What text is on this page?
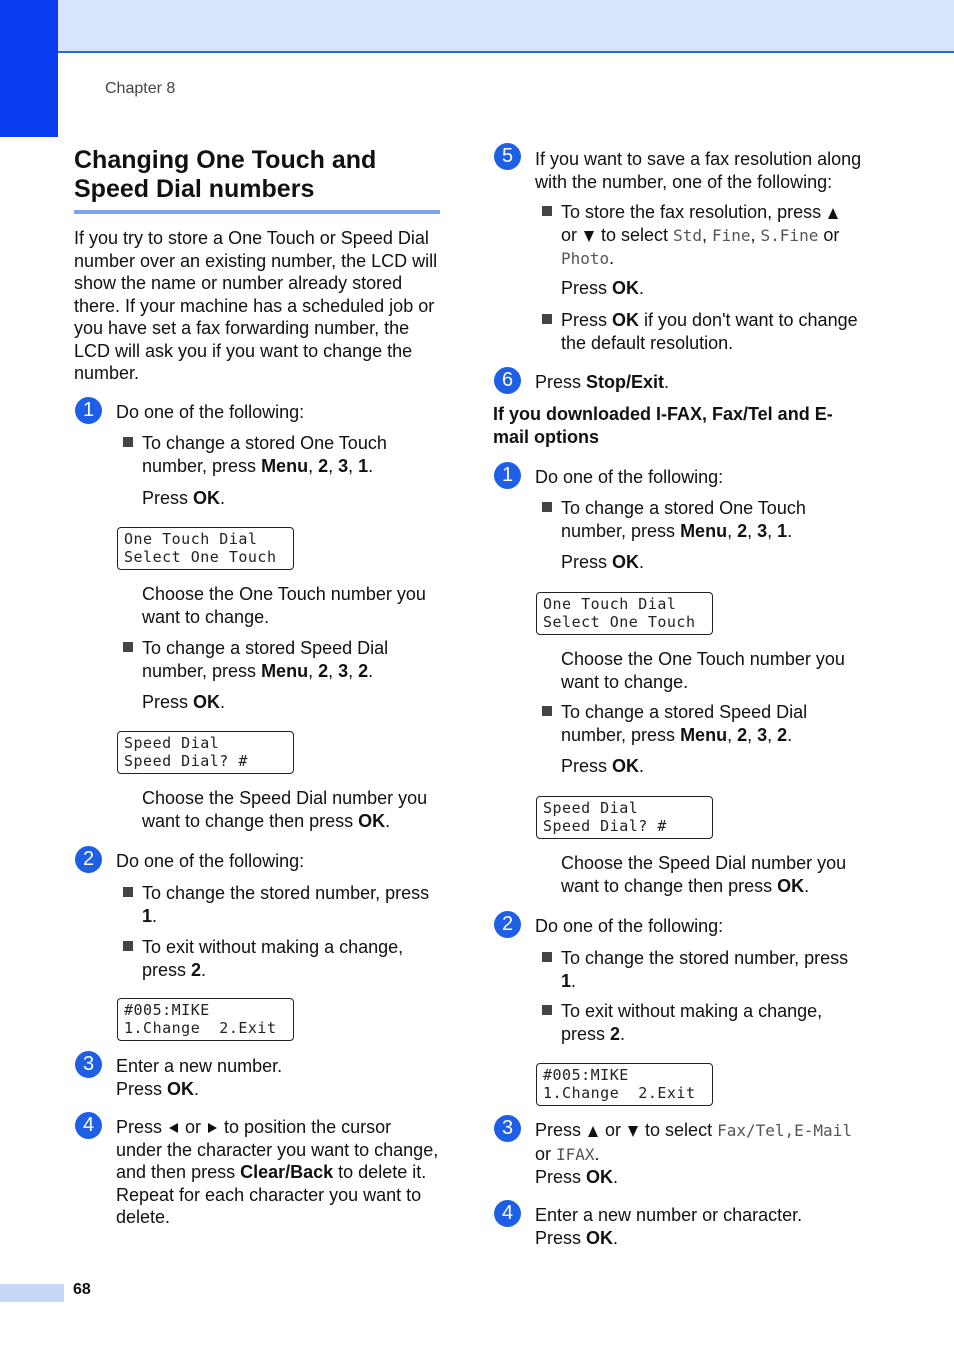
Chapter 8
Changing One Touch and
Speed Dial numbers
If you try to store a One Touch or Speed Dial number over an existing number, the LCD will show the name or number already stored there. If your machine has a scheduled job or you have set a fax forwarding number, the LCD will ask you if you want to change the number.
1	Do one of the following:
To change a stored One Touch number, press Menu, 2, 3, 1.
Press OK.
One Touch Dial
Select One Touch
Choose the One Touch number you want to change.
To change a stored Speed Dial number, press Menu, 2, 3, 2.
Press OK.
Speed Dial
Speed Dial? #
Choose the Speed Dial number you want to change then press OK.
2	Do one of the following:
To change the stored number, press 1.
To exit without making a change, press 2.
#005:MIKE
1.Change  2.Exit
3	Enter a new number.
Press OK.
4	Press  or  to position the cursor under the character you want to change, and then press Clear/Back to delete it. Repeat for each character you want to delete.
5	If you want to save a fax resolution along with the number, one of the following:
To store the fax resolution, press  or  to select Std, Fine, S.Fine or Photo.
Press OK.
Press OK if you don't want to change the default resolution.
6	Press Stop/Exit.
If you downloaded I-FAX, Fax/Tel and E-mail options
1	Do one of the following:
To change a stored One Touch number, press Menu, 2, 3, 1.
Press OK.
One Touch Dial
Select One Touch
Choose the One Touch number you want to change.
To change a stored Speed Dial number, press Menu, 2, 3, 2.
Press OK.
Speed Dial
Speed Dial? #
Choose the Speed Dial number you want to change then press OK.
2	Do one of the following:
To change the stored number, press 1.
To exit without making a change, press 2.
#005:MIKE
1.Change  2.Exit
3	Press  or  to select Fax/Tel,E-Mail
or IFAX.
Press OK.
4	Enter a new number or character.
Press OK.
68
